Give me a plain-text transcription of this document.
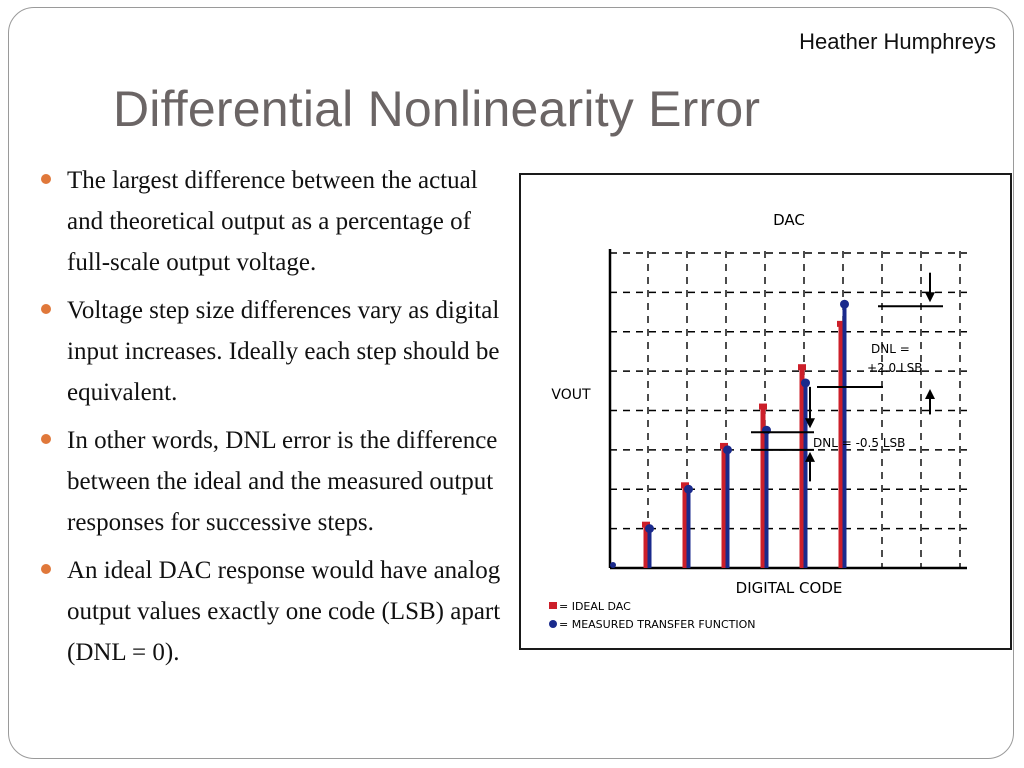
Heather Humphreys
Differential Nonlinearity Error
The largest difference between the actual and theoretical output as a percentage of full-scale output voltage.
Voltage step size differences vary as digital input increases. Ideally each step should be equivalent.
In other words, DNL error is the difference between the ideal and the measured output responses for successive steps.
An ideal DAC response would have analog output values exactly one code (LSB) apart (DNL = 0).
DAC
VOUT
DIGITAL CODE
DNL = -0.5 LSB
DNL =
+2.0 LSB
= IDEAL DAC
= MEASURED TRANSFER FUNCTION
